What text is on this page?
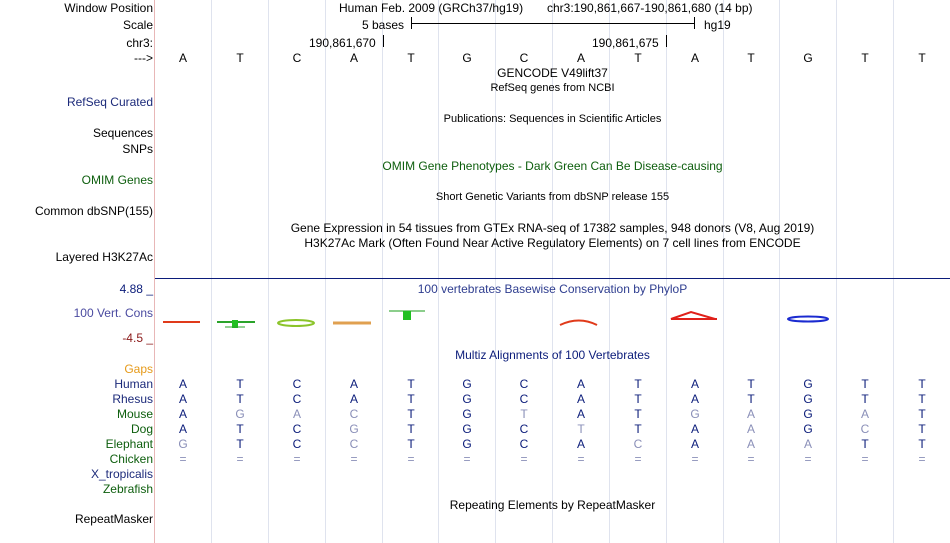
Window Position	Human Feb. 2009 (GRCh37/hg19) chr3:190,861,667-190,861,680 (14 bp)
Scale	5 bases	hg19
chr3:	190,861,670	190,861,675
---> A	T	C	A	T	G	C	A	T	A	T	G	T	T
GENCODE V49lift37
RefSeq genes from NCBI
RefSeq Curated
Publications: Sequences in Scientific Articles
Sequences
SNPs
OMIM Gene Phenotypes - Dark Green Can Be Disease-causing
OMIM Genes
Short Genetic Variants from dbSNP release 155
Common dbSNP(155)
Gene Expression in 54 tissues from GTEx RNA-seq of 17382 samples, 948 donors (V8, Aug 2019)
H3K27Ac Mark (Often Found Near Active Regulatory Elements) on 7 cell lines from ENCODE
Layered H3K27Ac
100 vertebrates Basewise Conservation by PhyloP
4.88 _
100 Vert. Cons
-4.5 _
Multiz Alignments of 100 Vertebrates
Gaps
Human A	T	C	A	T	G	C	A	T	A	T	G	T	T
Rhesus A	T	C	A	T	G	C	A	T	A	T	G	T	T
Mouse A	G	A	C	T	G	T	A	T	G	A	G	A	T
Dog A	T	C	G	T	G	C	T	T	A	A	G	C	T
Elephant G	T	C	C	T	G	C	A	C	A	A	A	T	T
Chicken =	=	=	=	=	=	=	=	=	=	=	=	=	=
X_tropicalis
Zebrafish
Repeating Elements by RepeatMasker
RepeatMasker
